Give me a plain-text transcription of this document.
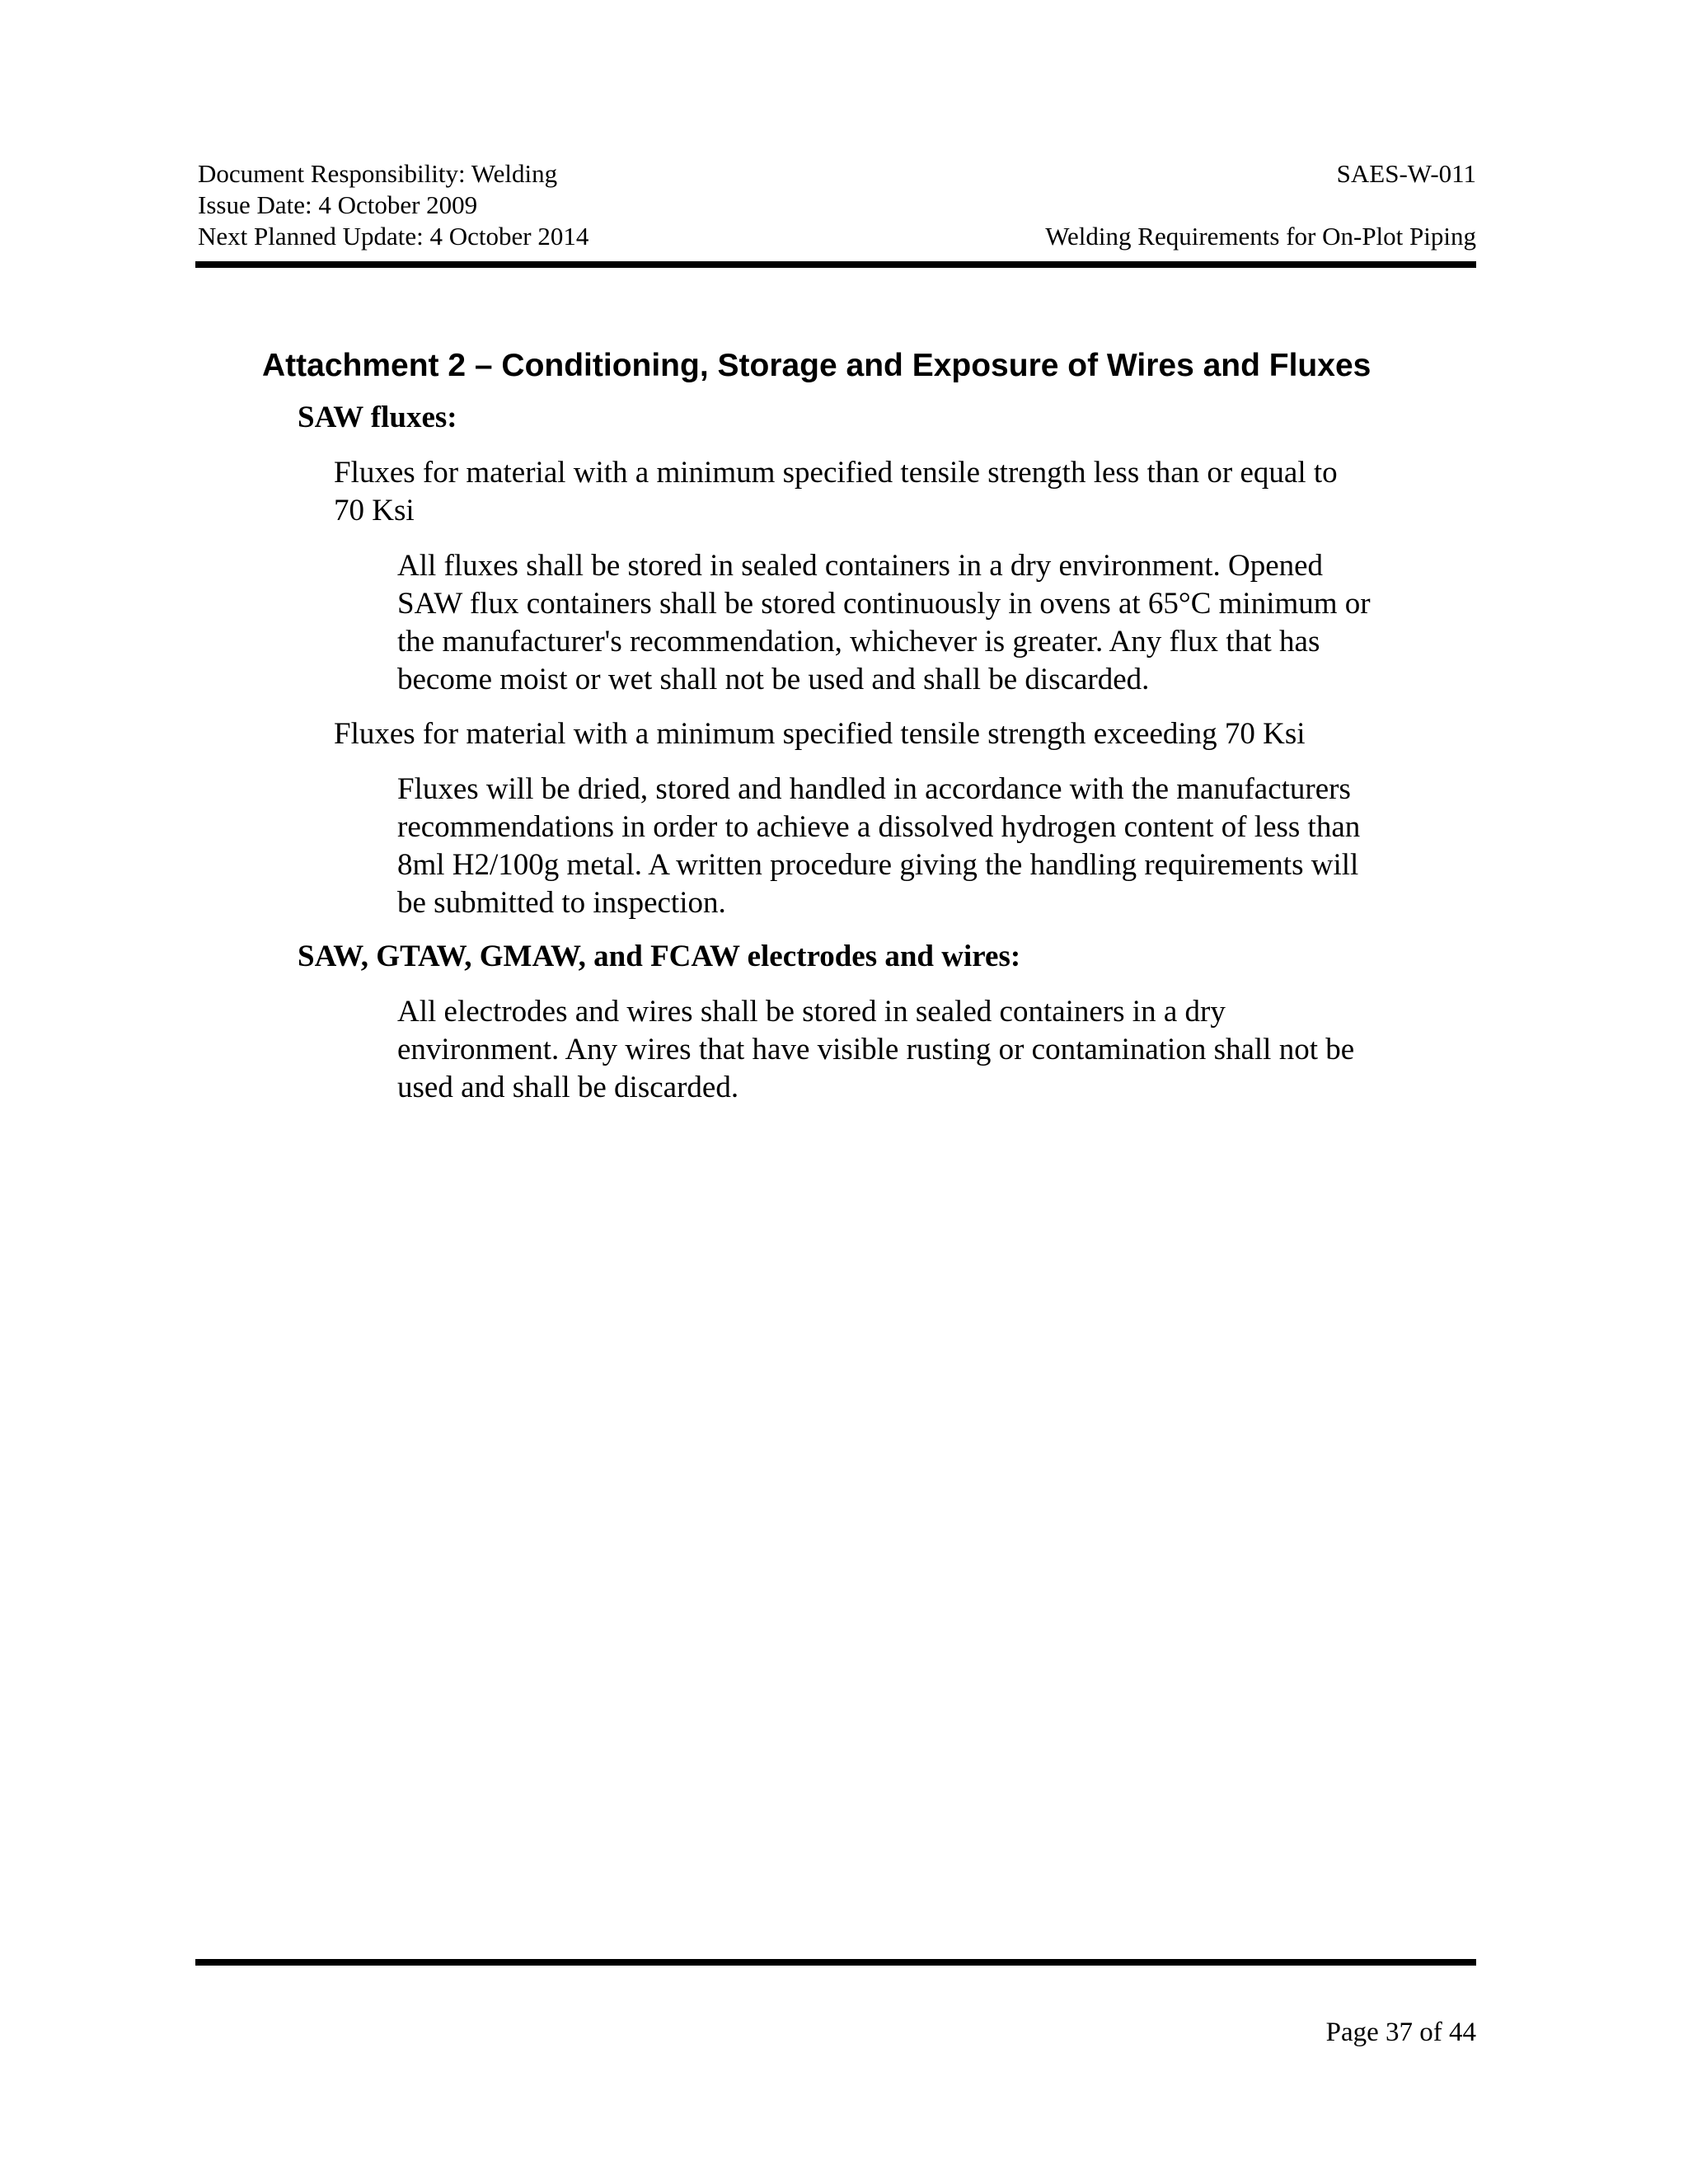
Document Responsibility: Welding
Issue Date: 4 October 2009
Next Planned Update: 4 October 2014
SAES-W-011
Welding Requirements for On-Plot Piping
Attachment 2 – Conditioning, Storage and Exposure of Wires and Fluxes
SAW fluxes:
Fluxes for material with a minimum specified tensile strength less than or equal to
70 Ksi
All fluxes shall be stored in sealed containers in a dry environment. Opened
SAW flux containers shall be stored continuously in ovens at 65°C minimum or
the manufacturer's recommendation, whichever is greater. Any flux that has
become moist or wet shall not be used and shall be discarded.
Fluxes for material with a minimum specified tensile strength exceeding 70 Ksi
Fluxes will be dried, stored and handled in accordance with the manufacturers
recommendations in order to achieve a dissolved hydrogen content of less than
8ml H2/100g metal. A written procedure giving the handling requirements will
be submitted to inspection.
SAW, GTAW, GMAW, and FCAW electrodes and wires:
All electrodes and wires shall be stored in sealed containers in a dry
environment. Any wires that have visible rusting or contamination shall not be
used and shall be discarded.
Page 37 of 44
